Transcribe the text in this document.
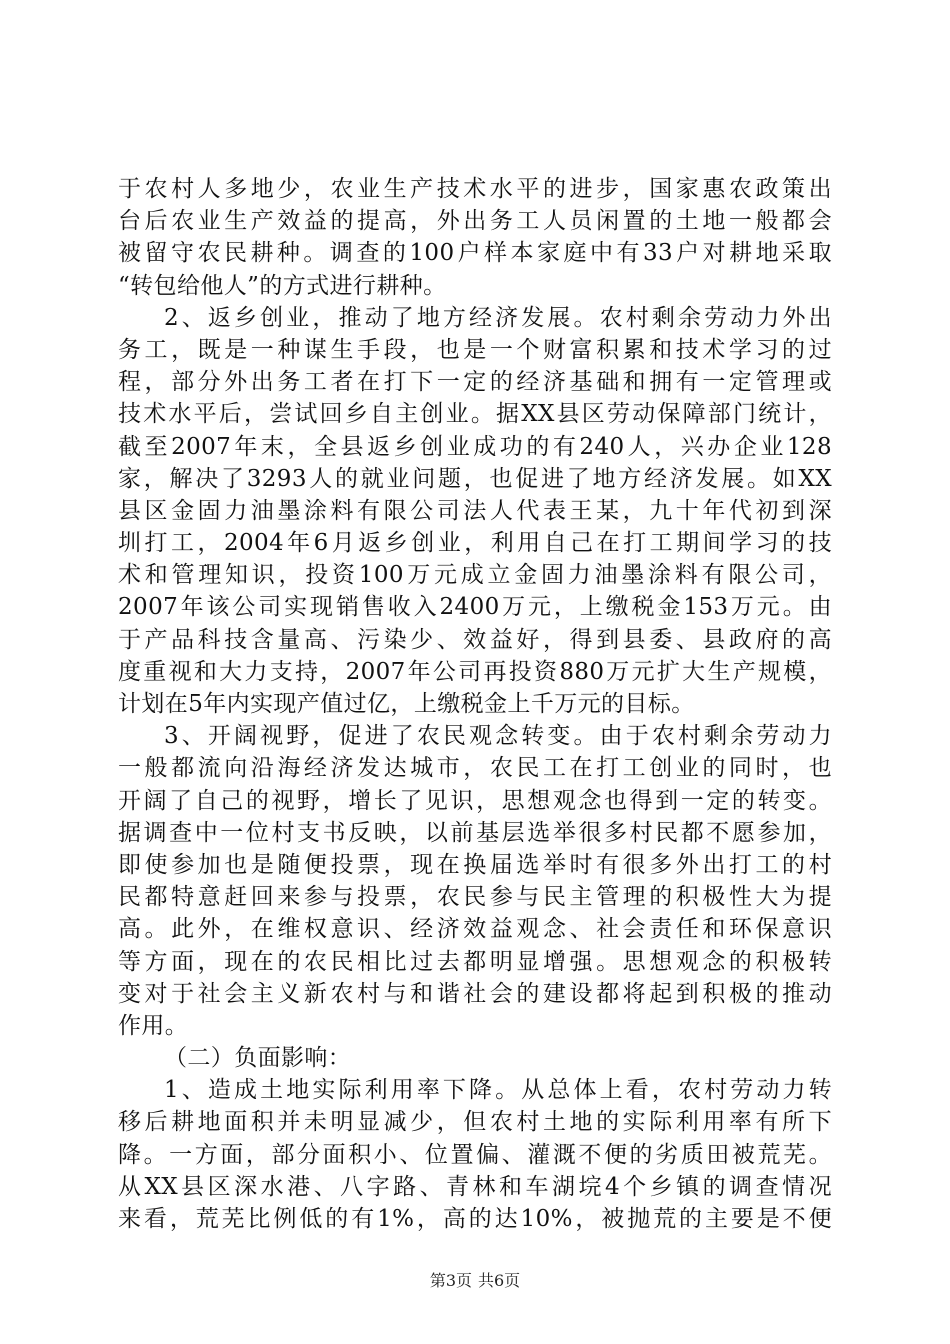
于农村人多地少，农业生产技术水平的进步，国家惠农政策出
台后农业生产效益的提高，外出务工人员闲置的土地一般都会
被留守农民耕种。调查的100户样本家庭中有33户对耕地采取
“转包给他人”的方式进行耕种。
2、返乡创业，推动了地方经济发展。农村剩余劳动力外出
务工，既是一种谋生手段，也是一个财富积累和技术学习的过
程，部分外出务工者在打下一定的经济基础和拥有一定管理或
技术水平后，尝试回乡自主创业。据XX县区劳动保障部门统计，
截至2007年末，全县返乡创业成功的有240人，兴办企业128
家，解决了3293人的就业问题，也促进了地方经济发展。如XX
县区金固力油墨涂料有限公司法人代表王某，九十年代初到深
圳打工，2004年6月返乡创业，利用自己在打工期间学习的技
术和管理知识，投资100万元成立金固力油墨涂料有限公司，
2007年该公司实现销售收入2400万元，上缴税金153万元。由
于产品科技含量高、污染少、效益好，得到县委、县政府的高
度重视和大力支持，2007年公司再投资880万元扩大生产规模，
计划在5年内实现产值过亿，上缴税金上千万元的目标。
3、开阔视野，促进了农民观念转变。由于农村剩余劳动力
一般都流向沿海经济发达城市，农民工在打工创业的同时，也
开阔了自己的视野，增长了见识，思想观念也得到一定的转变。
据调查中一位村支书反映，以前基层选举很多村民都不愿参加，
即使参加也是随便投票，现在换届选举时有很多外出打工的村
民都特意赶回来参与投票，农民参与民主管理的积极性大为提
高。此外，在维权意识、经济效益观念、社会责任和环保意识
等方面，现在的农民相比过去都明显增强。思想观念的积极转
变对于社会主义新农村与和谐社会的建设都将起到积极的推动
作用。
（二）负面影响：
1、造成土地实际利用率下降。从总体上看，农村劳动力转
移后耕地面积并未明显减少，但农村土地的实际利用率有所下
降。一方面，部分面积小、位置偏、灌溉不便的劣质田被荒芜。
从XX县区深水港、八字路、青林和车湖垸4个乡镇的调查情况
来看，荒芜比例低的有1%，高的达10%，被抛荒的主要是不便
第3页 共6页
